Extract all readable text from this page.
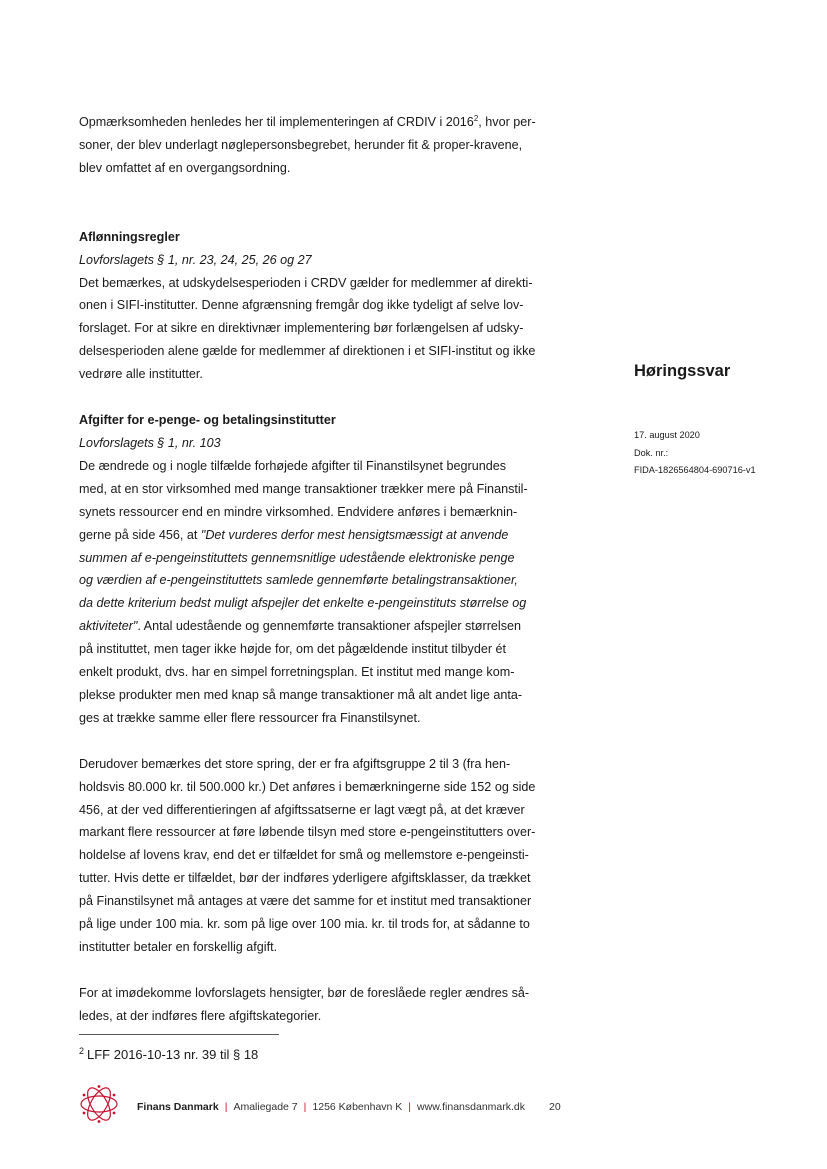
Opmærksomheden henledes her til implementeringen af CRDIV i 2016$^2$, hvor per-
soner, der blev underlagt nøglepersonsbegrebet, herunder fit & proper-kravene,
blev omfattet af en overgangsordning.

Aflønningsregler

Lovforslagets § 1, nr. 23, 24, 25, 26 og 27

Det bemærkes, at udskydelsesperioden i CRDV gælder for medlemmer af direkti-
onen i SIFI-institutter. Denne afgrænsning fremgår dog ikke tydeligt af selve lov-
forslaget. For at sikre en direktivnær implementering bør forlængelsen af udsky-
delsesperioden alene gælde for medlemmer af direktionen i et SIFI-institut og ikke
vedrøre alle institutter.

Afgifter for e-penge- og betalingsinstitutter

Lovforslagets § 1, nr. 103

De ændrede og i nogle tilfælde forhøjede afgifter til Finanstilsynet begrundes
med, at en stor virksomhed med mange transaktioner trækker mere på Finanstil-
synets ressourcer end en mindre virksomhed. Endvidere anføres i bemærknin-
gerne på side 456, at "Det vurderes derfor mest hensigtsmæssigt at anvende
summen af e-pengeinstituttets gennemsnitlige udestående elektroniske penge
og værdien af e-pengeinstituttets samlede gennemførte betalingstransaktioner,
da dette kriterium bedst muligt afspejler det enkelte e-pengeinstituts størrelse og
aktiviteter". Antal udestående og gennemførte transaktioner afspejler størrelsen
på instituttet, men tager ikke højde for, om det pågældende institut tilbyder ét
enkelt produkt, dvs. har en simpel forretningsplan. Et institut med mange kom-
plekse produkter men med knap så mange transaktioner må alt andet lige anta-
ges at trække samme eller flere ressourcer fra Finanstilsynet.

Derudover bemærkes det store spring, der er fra afgiftsgruppe 2 til 3 (fra hen-
holdsvis 80.000 kr. til 500.000 kr.) Det anføres i bemærkningerne side 152 og side
456, at der ved differentieringen af afgiftssatserne er lagt vægt på, at det kræver
markant flere ressourcer at føre løbende tilsyn med store e-pengeinstitutters over-
holdelse af lovens krav, end det er tilfældet for små og mellemstore e-pengeinsti-
tutter. Hvis dette er tilfældet, bør der indføres yderligere afgiftsklasser, da trækket
på Finanstilsynet må antages at være det samme for et institut med transaktioner
på lige under 100 mia. kr. som på lige over 100 mia. kr. til trods for, at sådanne to
institutter betaler en forskellig afgift.

For at imødekomme lovforslagets hensigter, bør de foreslåede regler ændres så-
ledes, at der indføres flere afgiftskategorier.

Høringssvar
17. august 2020
Dok. nr.:
FIDA-1826564804-690716-v1
$^2$ LFF 2016-10-13 nr. 39 til § 18
Finans Danmark | Amaliegade 7 | 1256 København K | www.finansdanmark.dk 20
